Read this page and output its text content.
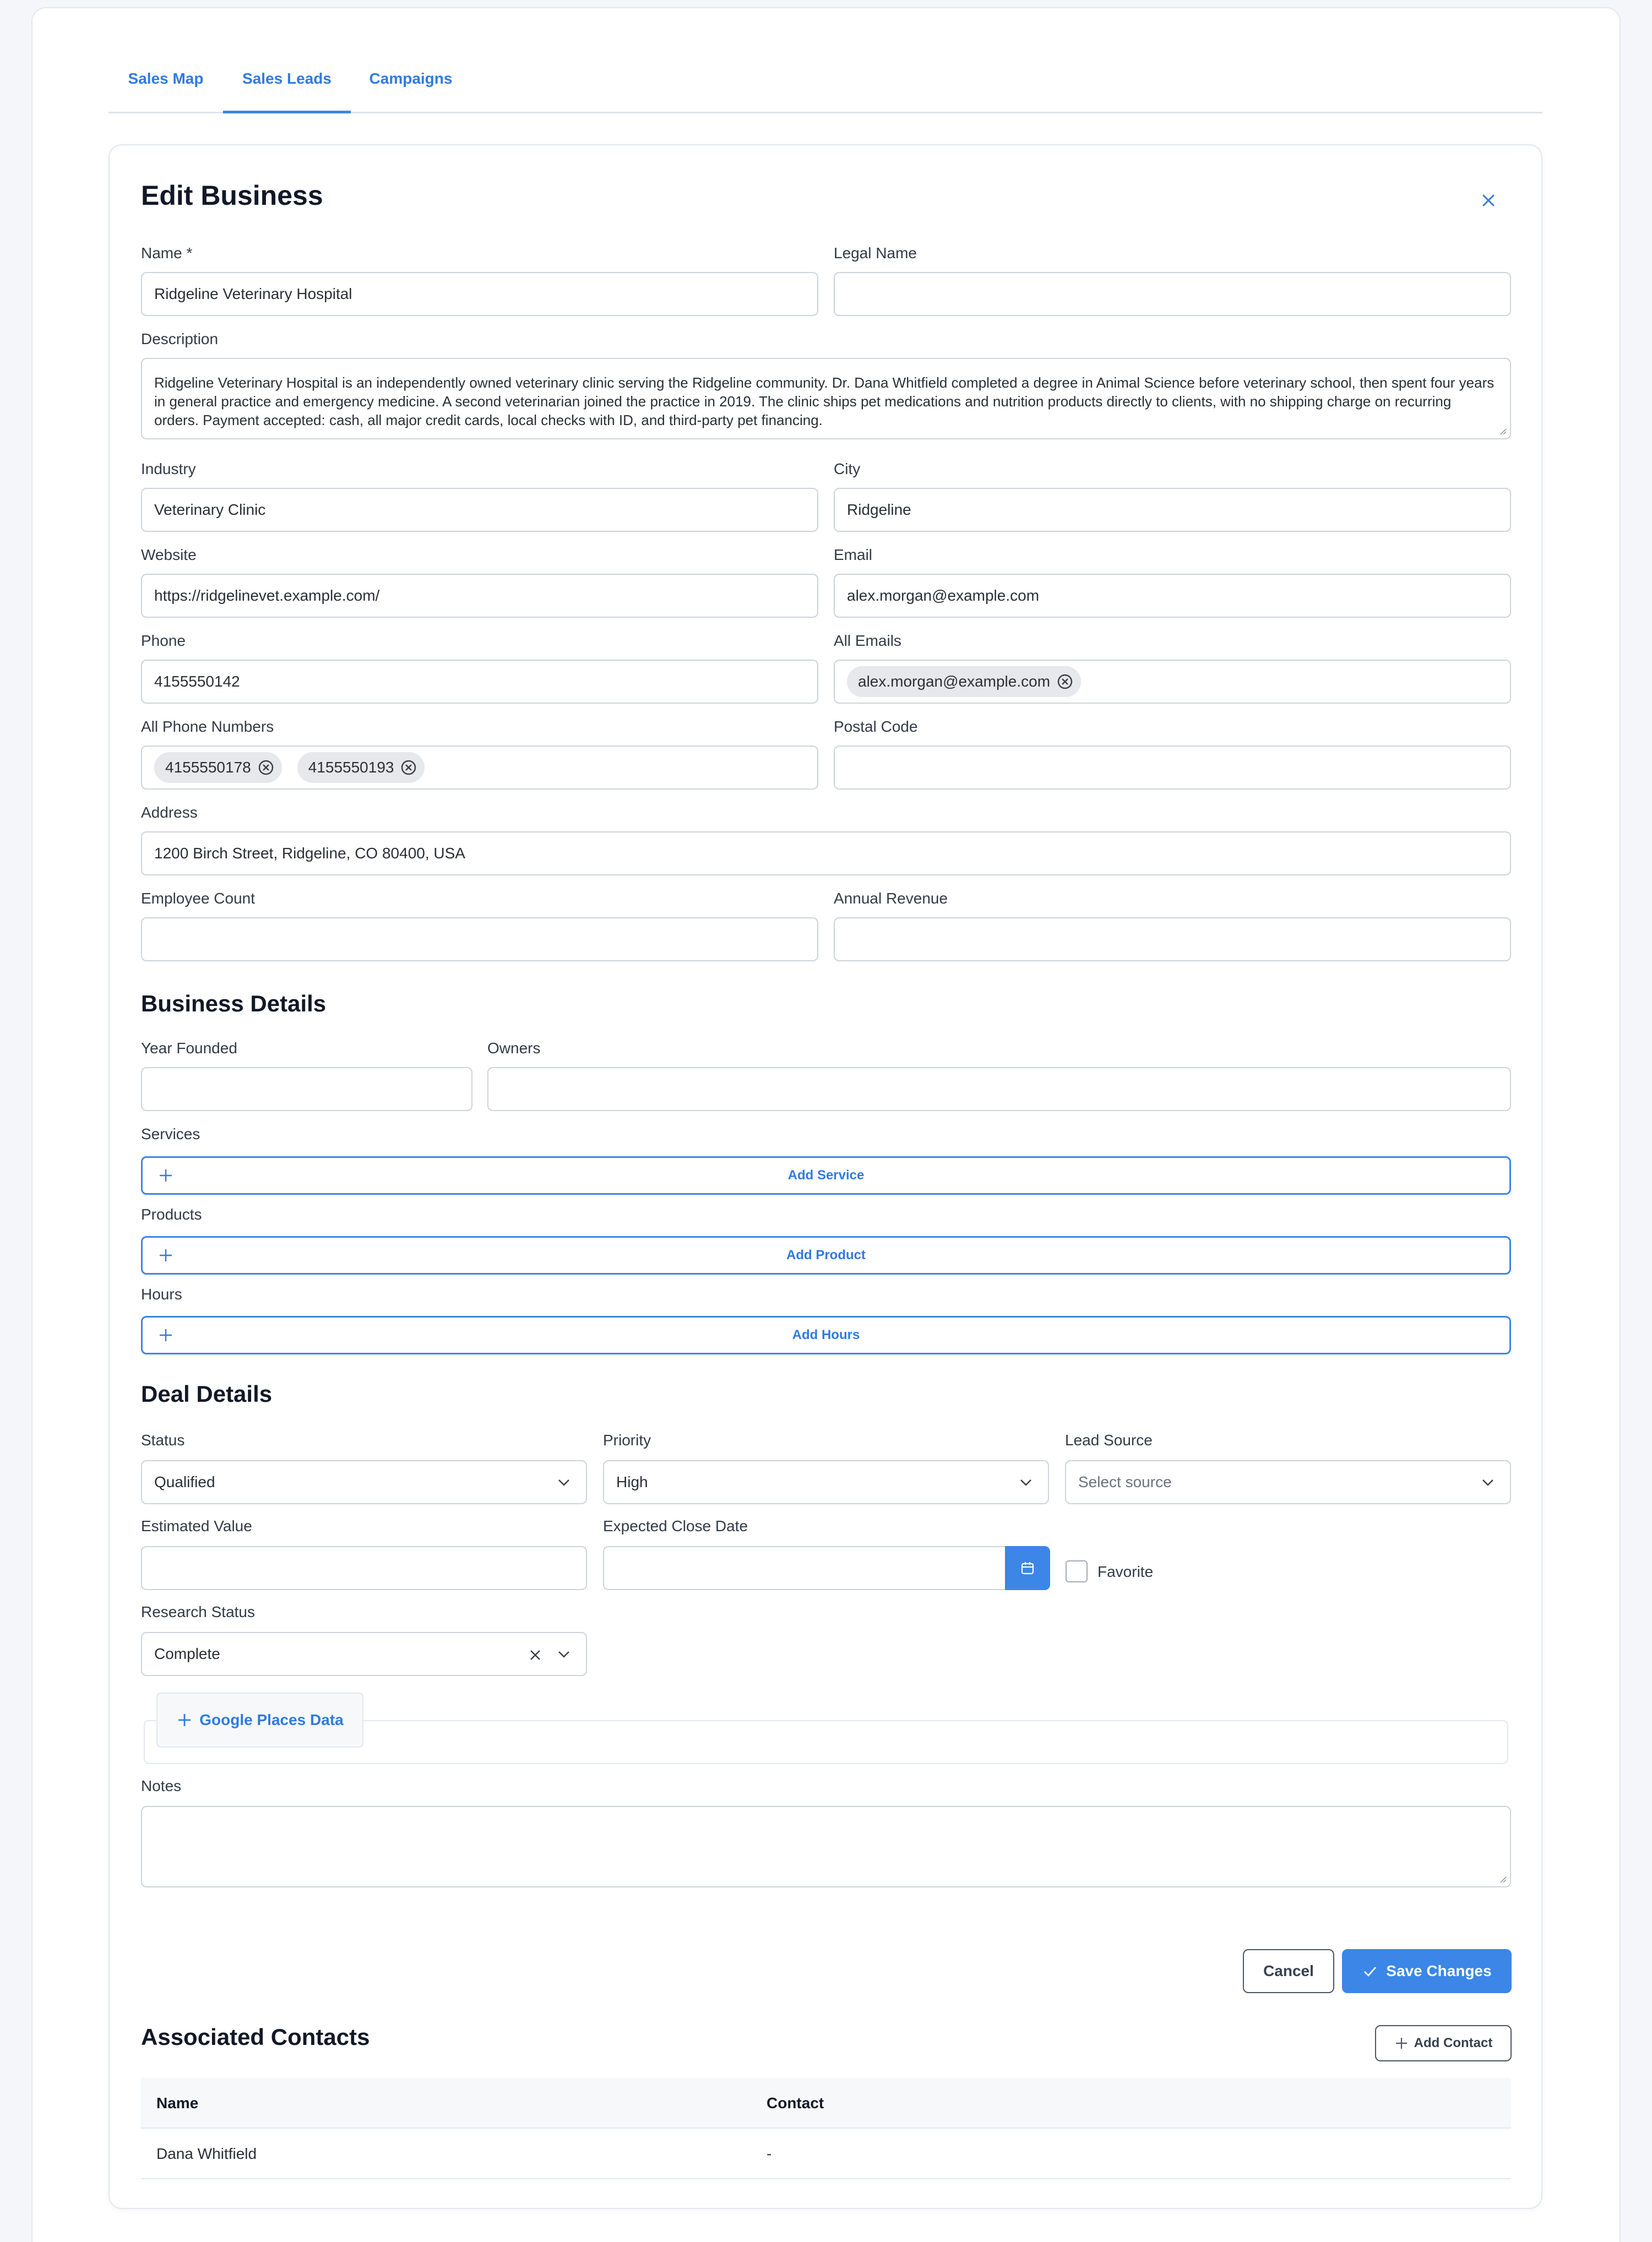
Sales Map	Sales Leads	Campaigns
Edit Business
Name *
Ridgeline Veterinary Hospital
Legal Name
Description
Ridgeline Veterinary Hospital is an independently owned veterinary clinic serving the Ridgeline community. Dr. Dana Whitfield completed a degree in Animal Science before veterinary school, then spent four years in general practice and emergency medicine. A second veterinarian joined the practice in 2019. The clinic ships pet medications and nutrition products directly to clients, with no shipping charge on recurring orders. Payment accepted: cash, all major credit cards, local checks with ID, and third-party pet financing.
Industry
Veterinary Clinic
City
Ridgeline
Website
https://ridgelinevet.example.com/
Email
alex.morgan@example.com
Phone
4155550142
All Emails
alex.morgan@example.com
All Phone Numbers
4155550178	4155550193
Postal Code
Address
1200 Birch Street, Ridgeline, CO 80400, USA
Employee Count	Annual Revenue
Business Details
Year Founded	Owners
Services
Add Service
Products
Add Product
Hours
Add Hours
Deal Details
Status
Qualified
Priority
High
Lead Source
Select source
Estimated Value	Expected Close Date
Favorite
Research Status
Complete
Google Places Data
Notes
Cancel	Save Changes
Associated Contacts	Add Contact
Name	Contact
Dana Whitfield	-
